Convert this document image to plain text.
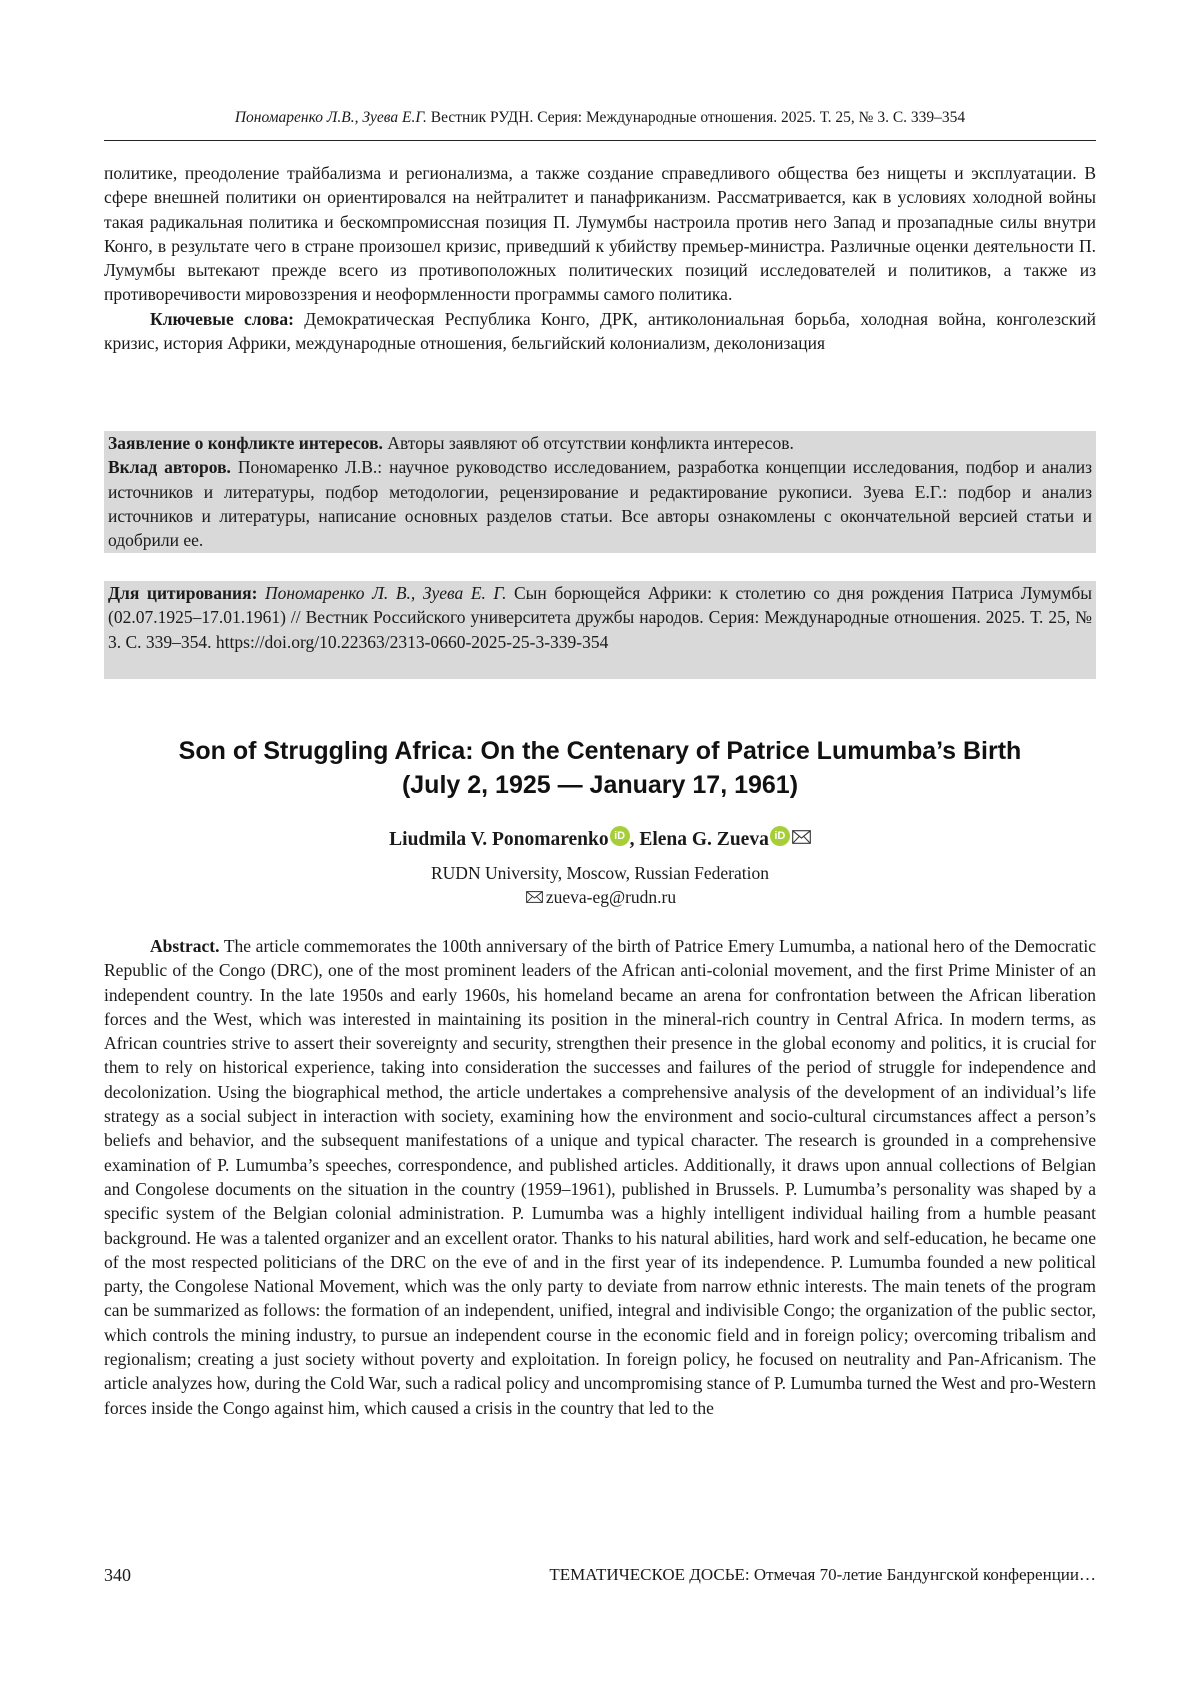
Пономаренко Л.В., Зуева Е.Г. Вестник РУДН. Серия: Международные отношения. 2025. Т. 25, № 3. С. 339–354

политике, преодоление трайбализма и регионализма, а также создание справедливого общества без нищеты и эксплуатации. В сфере внешней политики он ориентировался на нейтралитет и панафриканизм. Рассмат­ривается, как в условиях холодной войны такая радикальная политика и бескомпромиссная позиция П. Лумумбы настроила против него Запад и прозападные силы внутри Конго, в результате чего в стране произошел кризис, приведший к убийству премьер-министра. Различные оценки деятельности П. Лумумбы вытекают прежде всего из противоположных политических позиций исследователей и политиков, а также из противоречивости мировоззрения и неоформленности программы самого политика.

Ключевые слова: Демократическая Республика Конго, ДРК, антиколониальная борьба, холодная война, конголезский кризис, история Африки, международные отношения, бельгийский колониализм, деколонизация

Заявление о конфликте интересов. Авторы заявляют об отсутствии конфликта интересов.

Вклад авторов. Пономаренко Л.В.: научное руководство исследованием, разработка концепции исследова­ния, подбор и анализ источников и литературы, подбор методологии, рецензирование и редактирование рукописи. Зуева Е.Г.: подбор и анализ источников и литературы, написание основных разделов статьи. Все авторы ознакомлены с окончательной версией статьи и одобрили ее.

Для цитирования: Пономаренко Л. В., Зуева Е. Г. Сын борющейся Африки: к столетию со дня рождения Патриса Лумумбы (02.07.1925–17.01.1961) // Вестник Российского университета дружбы народов. Серия: Международные отношения. 2025. Т. 25, № 3. С. 339–354. https://doi.org/10.22363/2313-0660-2025-25-3-339-354

Son of Struggling Africa: On the Centenary of Patrice Lumumba’s Birth
(July 2, 1925 — January 17, 1961)
Liudmila V. Ponomarenko iD , Elena G. Zueva iD
RUDN University, Moscow, Russian Federation
zueva-eg@rudn.ru

Abstract. The article commemorates the 100th anniversary of the birth of Patrice Emery Lumumba, a national hero of the Democratic Republic of the Congo (DRC), one of the most prominent leaders of the African anti-colonial movement, and the first Prime Minister of an independent country. In the late 1950s and early 1960s, his homeland became an arena for confrontation between the African liberation forces and the West, which was interested in maintaining its position in the mineral-rich country in Central Africa. In modern terms, as African countries strive to assert their sovereignty and security, strengthen their presence in the global economy and politics, it is crucial for them to rely on historical experience, taking into consideration the successes and failures of the period of struggle for independence and decolonization. Using the biographical method, the article undertakes a comprehensive analysis of the development of an individual’s life strategy as a social subject in interaction with society, examining how the environment and socio-cultural circumstances affect a person’s beliefs and behavior, and the subsequent manifestations of a unique and typical character. The research is grounded in a comprehensive examination of P. Lumumba’s speeches, correspondence, and published articles. Additionally, it draws upon annual collections of Belgian and Congolese documents on the situation in the country (1959–1961), published in Brussels. P. Lumumba’s personality was shaped by a specific system of the Belgian colonial administration. P. Lumumba was a highly intelligent individual hailing from a humble peasant background. He was a talented organizer and an excellent orator. Thanks to his natural abilities, hard work and self-education, he became one of the most respected politicians of the DRC on the eve of and in the first year of its independence. P. Lumumba founded a new political party, the Congolese National Movement, which was the only party to deviate from narrow ethnic interests. The main tenets of the program can be summarized as follows: the formation of an independent, unified, integral and indivisible Congo; the organization of the public sector, which controls the mining industry, to pursue an independent course in the economic field and in foreign policy; overcoming tribalism and regionalism; creating a just society without poverty and exploitation. In foreign policy, he focused on neutrality and Pan-Africanism. The article analyzes how, during the Cold War, such a radical policy and uncompromising stance of P. Lumumba turned the West and pro-Western forces inside the Congo against him, which caused a crisis in the country that led to the

340	ТЕМАТИЧЕСКОЕ ДОСЬЕ: Отмечая 70-летие Бандунгской конференции…
